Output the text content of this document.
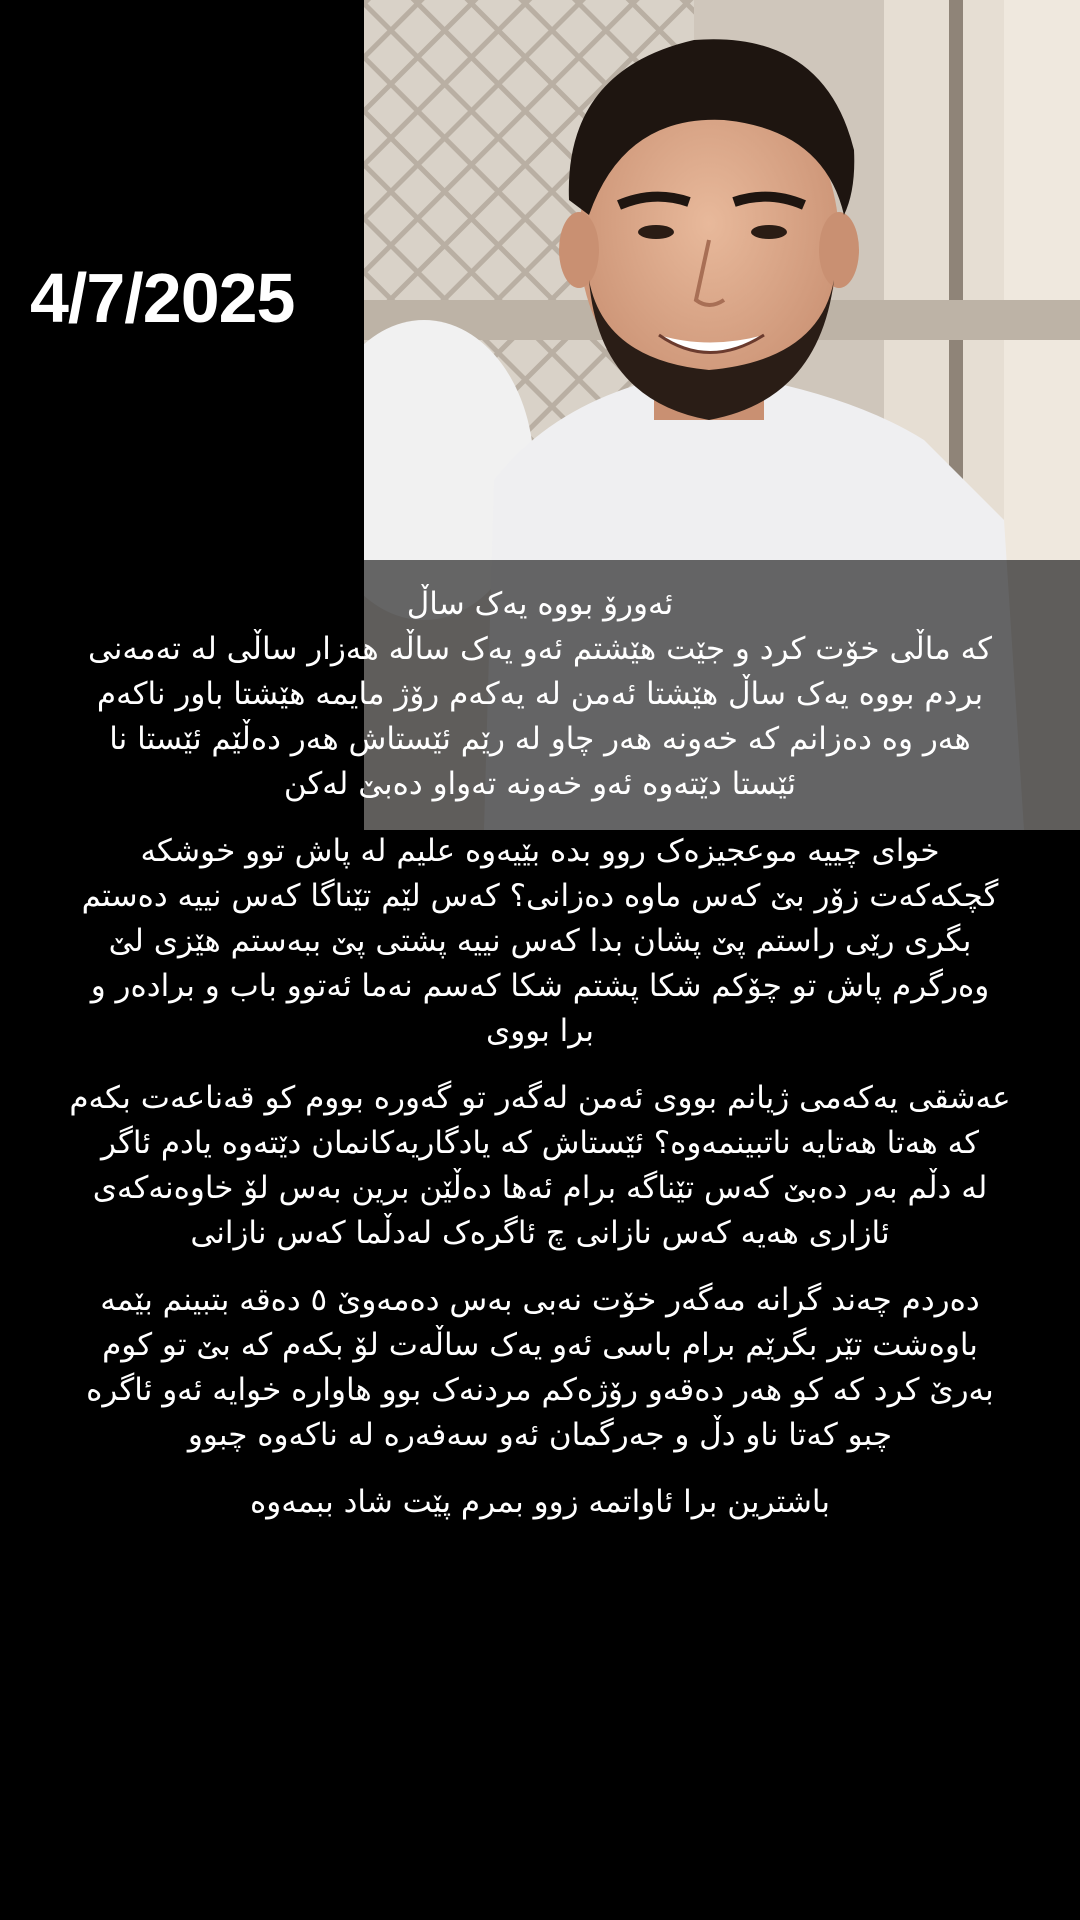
4/7/2025

ئەورۆ بووە یەک ساڵ
کە ماڵی خۆت کرد و جێت هێشتم ئەو یەک ساڵە هەزار ساڵی لە تەمەنی
بردم بووە یەک ساڵ هێشتا ئەمن لە یەکەم رۆژ مایمە هێشتا باور ناکەم
هەر وە دەزانم کە خەونە هەر چاو لە رێم ئێستاش هەر دەڵێم ئێستا نا
ئێستا دێتەوە ئەو خەونە تەواو دەبێ لەکن

خوای چییە موعجیزەک روو بدە بێیەوە علیم لە پاش توو خوشکە
گچکەکەت زۆر بێ کەس ماوە دەزانی؟ کەس لێم تێناگا کەس نییە دەستم
بگری رێی راستم پێ پشان بدا کەس نییە پشتی پێ ببەستم هێزی لێ
وەرگرم پاش تو چۆکم شکا پشتم شکا کەسم نەما ئەتوو باب و برادەر و
برا بووی

عەشقی یەکەمی ژیانم بووی ئەمن لەگەر تو گەورە بووم کو قەناعەت بکەم
کە هەتا هەتایە ناتبینمەوە؟ ئێستاش کە یادگاریەکانمان دێتەوە یادم ئاگر
لە دڵم بەر دەبێ کەس تێناگە برام ئەها دەڵێن برین بەس لۆ خاوەنەکەی
ئازاری هەیە کەس نازانی چ ئاگرەک لەدڵما کەس نازانی

دەردم چەند گرانە مەگەر خۆت نەبی بەس دەمەوێ ٥ دەقە بتبینم بێمە
باوەشت تێر بگرێم برام باسی ئەو یەک ساڵەت لۆ بکەم کە بێ تو کوم
بەرێ کرد کە کو هەر دەقەو رۆژەکم مردنەک بوو هاوارە خوایە ئەو ئاگرە
چبو کەتا ناو دڵ و جەرگمان ئەو سەفەرە لە ناکەوە چبوو

باشترین برا ئاواتمە زوو بمرم پێت شاد ببمەوە
